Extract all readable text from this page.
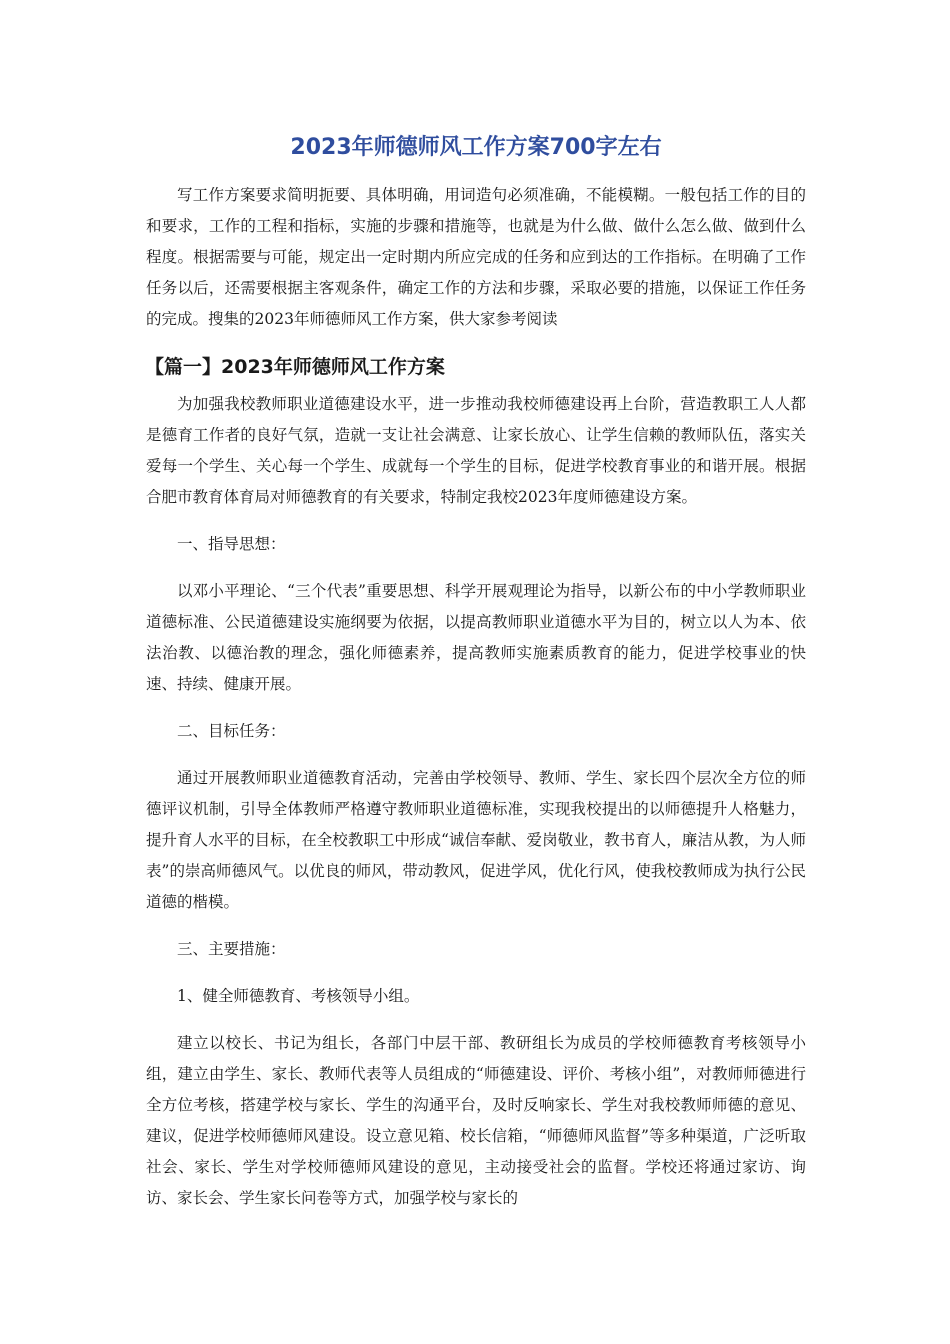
2023年师德师风工作方案700字左右

写工作方案要求简明扼要、具体明确，用词造句必须准确，不能模糊。一般包括工作的目的和要求，工作的工程和指标，实施的步骤和措施等，也就是为什么做、做什么怎么做、做到什么程度。根据需要与可能，规定出一定时期内所应完成的任务和应到达的工作指标。在明确了工作任务以后，还需要根据主客观条件，确定工作的方法和步骤，采取必要的措施，以保证工作任务的完成。搜集的2023年师德师风工作方案，供大家参考阅读

【篇一】2023年师德师风工作方案

为加强我校教师职业道德建设水平，进一步推动我校师德建设再上台阶，营造教职工人人都是德育工作者的良好气氛，造就一支让社会满意、让家长放心、让学生信赖的教师队伍，落实关爱每一个学生、关心每一个学生、成就每一个学生的目标，促进学校教育事业的和谐开展。根据合肥市教育体育局对师德教育的有关要求，特制定我校2023年度师德建设方案。

一、指导思想：

以邓小平理论、“三个代表”重要思想、科学开展观理论为指导，以新公布的中小学教师职业道德标准、公民道德建设实施纲要为依据，以提高教师职业道德水平为目的，树立以人为本、依法治教、以德治教的理念，强化师德素养，提高教师实施素质教育的能力，促进学校事业的快速、持续、健康开展。

二、目标任务：

通过开展教师职业道德教育活动，完善由学校领导、教师、学生、家长四个层次全方位的师德评议机制，引导全体教师严格遵守教师职业道德标准，实现我校提出的以师德提升人格魅力，提升育人水平的目标，在全校教职工中形成“诚信奉献、爱岗敬业，教书育人，廉洁从教，为人师表”的崇高师德风气。以优良的师风，带动教风，促进学风，优化行风，使我校教师成为执行公民道德的楷模。

三、主要措施：

1、健全师德教育、考核领导小组。

建立以校长、书记为组长，各部门中层干部、教研组长为成员的学校师德教育考核领导小组，建立由学生、家长、教师代表等人员组成的“师德建设、评价、考核小组”，对教师师德进行全方位考核，搭建学校与家长、学生的沟通平台，及时反响家长、学生对我校教师师德的意见、建议，促进学校师德师风建设。设立意见箱、校长信箱，“师德师风监督”等多种渠道，广泛听取社会、家长、学生对学校师德师风建设的意见，主动接受社会的监督。学校还将通过家访、询访、家长会、学生家长问卷等方式，加强学校与家长的
